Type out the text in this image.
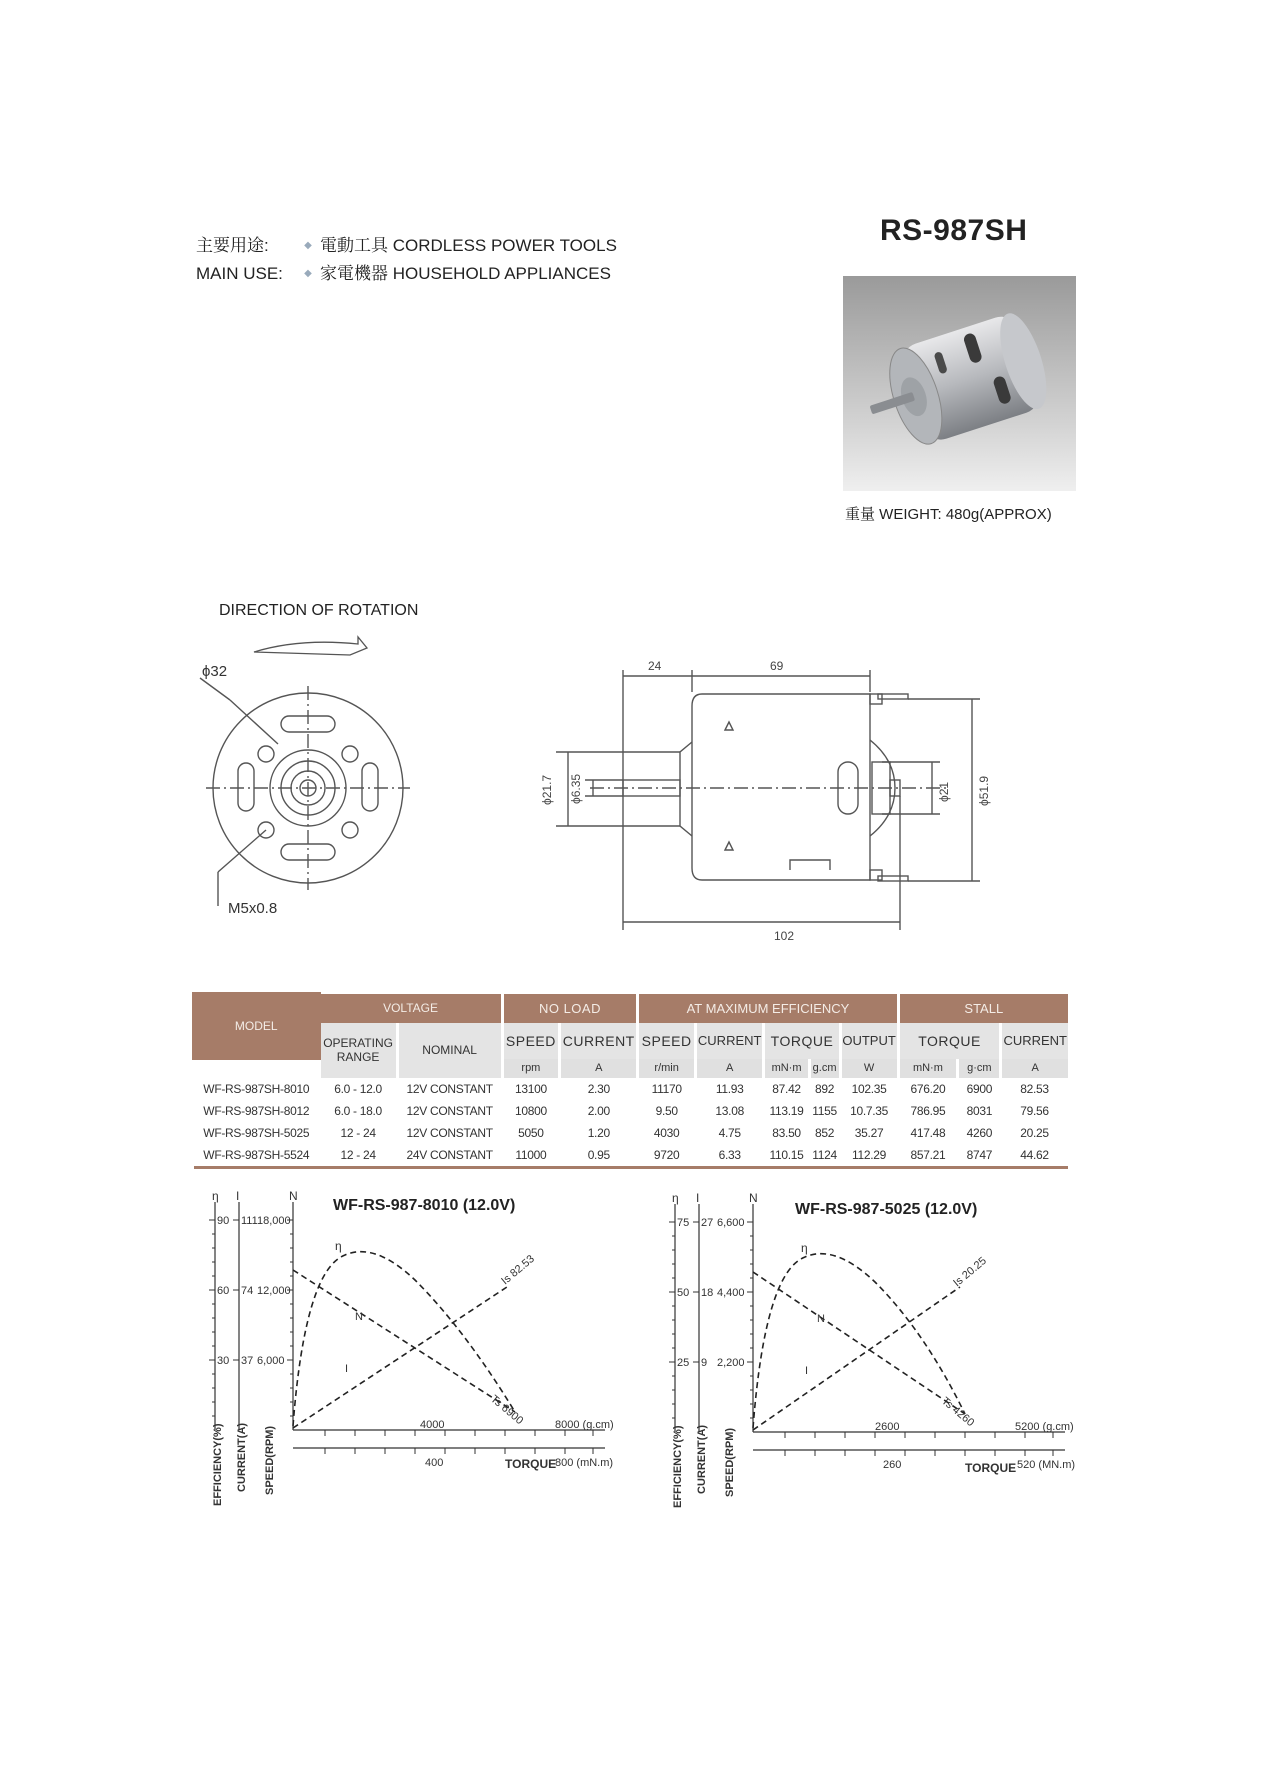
主要用途:	◆ 電動工具 CORDLESS POWER TOOLS
MAIN USE:	◆ 家電機器 HOUSEHOLD APPLIANCES
RS-987SH
重量 WEIGHT: 480g(APPROX)
DIRECTION OF ROTATION
ϕ32
M5x0.8
24	69
102
ϕ21.7 ϕ6.35	ϕ21 ϕ51.9
MODEL	VOLTAGE		NO LOAD		AT MAXIMUM EFFICIENCY					STALL		
	OPERATING RANGE	NOMINAL	SPEED	CURRENT	SPEED	CURRENT	TORQUE		OUTPUT	TORQUE		CURRENT
			rpm	A	r/min	A	mN·m	g.cm	W	mN·m	g·cm	A
WF-RS-987SH-8010	6.0 - 12.0	12V CONSTANT	13100	2.30	11170	11.93	87.42	892	102.35	676.20	6900	82.53
WF-RS-987SH-8012	6.0 - 18.0	12V CONSTANT	10800	2.00	9.50	13.08	113.19	1155	10.7.35	786.95	8031	79.56
WF-RS-987SH-5025	12 - 24	12V CONSTANT	5050	1.20	4030	4.75	83.50	852	35.27	417.48	4260	20.25
WF-RS-987SH-5524	12 - 24	24V CONSTANT	11000	0.95	9720	6.33	110.15	1124	112.29	857.21	8747	44.62
η I	N
90
60
30
111
74
37
18,000
12,000
6,000
WF-RS-987-8010 (12.0V)
η
N
I
Is 82.53
Ts 6900
4000	8000 (g.cm)
400	800 (mN.m)
TORQUE
EFFICIENCY(%) CURRENT(A) SPEED(RPM)
η I	N
75
50
25
27
18
9
6,600
4,400
2,200
WF-RS-987-5025 (12.0V)
η
N
I
Is 20.25
Ts 4260
2600	5200 (g.cm)
260	520 (MN.m)
TORQUE
EFFICIENCY(%) CURRENT(A) SPEED(RPM)
